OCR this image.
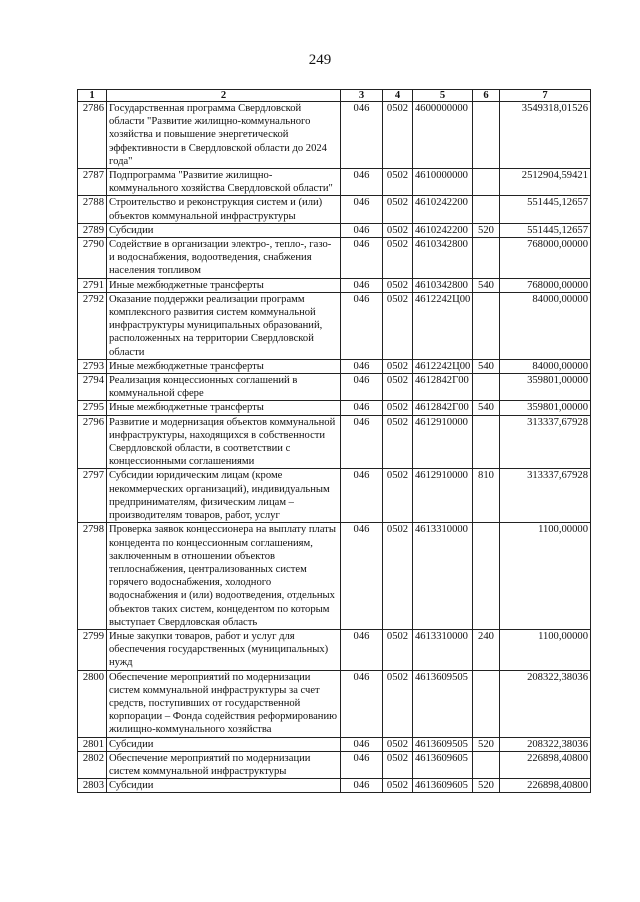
249
1	2	3	4	5	6	7
2786	Государственная программа Свердловской области "Развитие жилищно-коммунального хозяйства и повышение энергетической эффективности в Свердловской области до 2024 года"	046	0502	4600000000		3549318,01526
2787	Подпрограмма "Развитие жилищно-коммунального хозяйства Свердловской области"	046	0502	4610000000		2512904,59421
2788	Строительство и реконструкция систем и (или) объектов коммунальной инфраструктуры	046	0502	4610242200		551445,12657
2789	Субсидии	046	0502	4610242200	520	551445,12657
2790	Содействие в организации электро-, тепло-, газо- и водоснабжения, водоотведения, снабжения населения топливом	046	0502	4610342800		768000,00000
2791	Иные межбюджетные трансферты	046	0502	4610342800	540	768000,00000
2792	Оказание поддержки реализации программ комплексного развития систем коммунальной инфраструктуры муниципальных образований, расположенных на территории Свердловской области	046	0502	4612242Ц00		84000,00000
2793	Иные межбюджетные трансферты	046	0502	4612242Ц00	540	84000,00000
2794	Реализация концессионных соглашений в коммунальной сфере	046	0502	4612842Г00		359801,00000
2795	Иные межбюджетные трансферты	046	0502	4612842Г00	540	359801,00000
2796	Развитие и модернизация объектов коммунальной инфраструктуры, находящихся в собственности Свердловской области, в соответствии с концессионными соглашениями	046	0502	4612910000		313337,67928
2797	Субсидии юридическим лицам (кроме некоммерческих организаций), индивидуальным предпринимателям, физическим лицам – производителям товаров, работ, услуг	046	0502	4612910000	810	313337,67928
2798	Проверка заявок концессионера на выплату платы концедента по концессионным соглашениям, заключенным в отношении объектов теплоснабжения, централизованных систем горячего водоснабжения, холодного водоснабжения и (или) водоотведения, отдельных объектов таких систем, концедентом по которым выступает Свердловская область	046	0502	4613310000		1100,00000
2799	Иные закупки товаров, работ и услуг для обеспечения государственных (муниципальных) нужд	046	0502	4613310000	240	1100,00000
2800	Обеспечение мероприятий по модернизации систем коммунальной инфраструктуры за счет средств, поступивших от государственной корпорации – Фонда содействия реформированию жилищно-коммунального хозяйства	046	0502	4613609505		208322,38036
2801	Субсидии	046	0502	4613609505	520	208322,38036
2802	Обеспечение мероприятий по модернизации систем коммунальной инфраструктуры	046	0502	4613609605		226898,40800
2803	Субсидии	046	0502	4613609605	520	226898,40800
